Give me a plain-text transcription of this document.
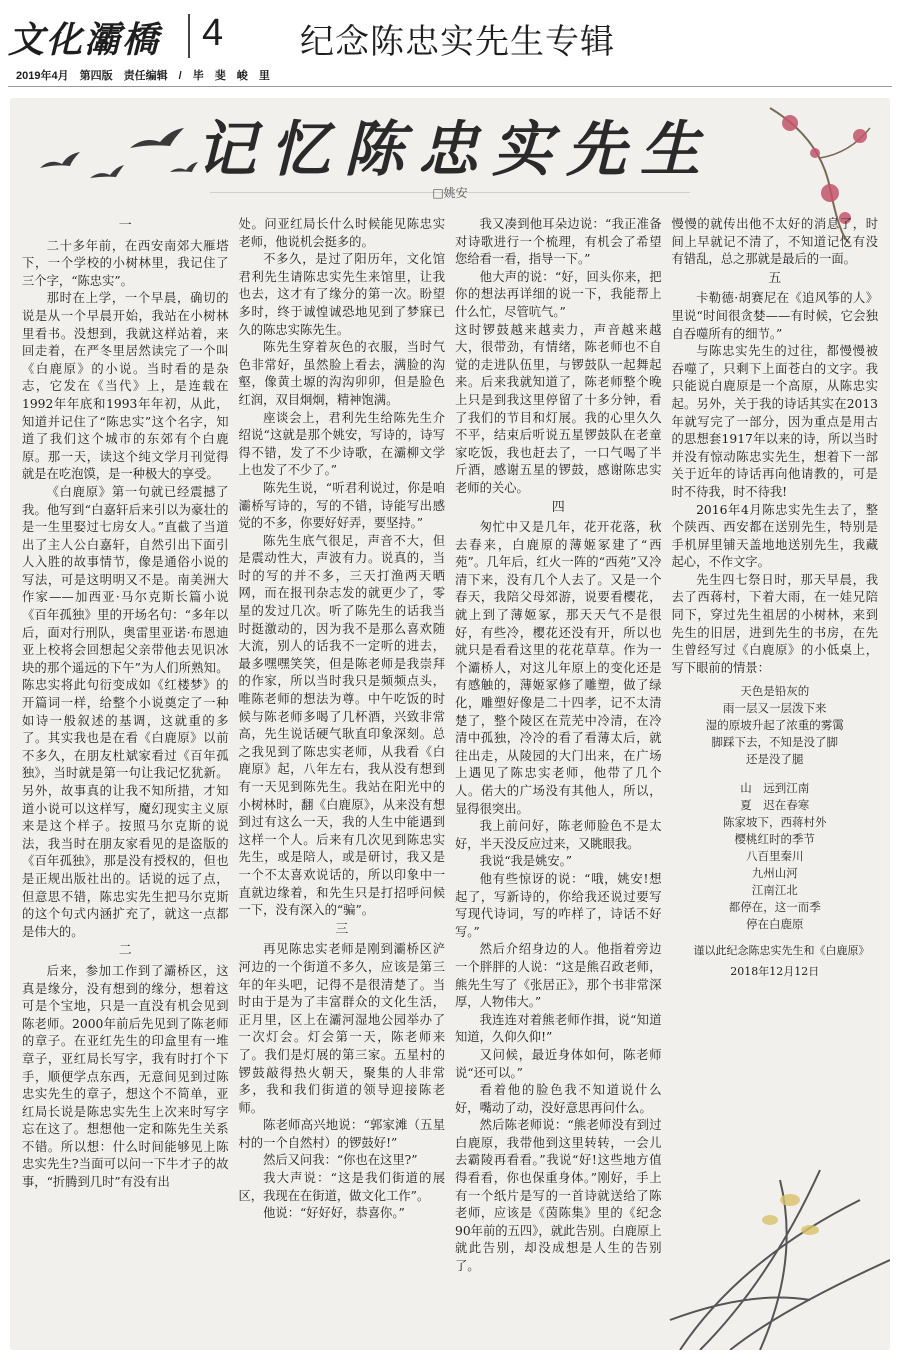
文化灞橋 4 纪念陈忠实先生专辑
2019年4月　第四版　责任编辑 / 毕 斐　峻 里
记忆陈忠实先生
□姚安
一

二十多年前，在西安南郊大雁塔下，一个学校的小树林里，我记住了三个字，“陈忠实”。

那时在上学，一个早晨，确切的说是从一个早晨开始，我站在小树林里看书。没想到，我就这样站着，来回走着，在严冬里居然读完了一个叫《白鹿原》的小说。当时看的是杂志，它发在《当代》上，是连载在1992年年底和1993年年初，从此，知道并记住了“陈忠实”这个名字，知道了我们这个城市的东郊有个白鹿原。那一天，读这个纯文学月刊觉得就是在吃泡馍，是一种极大的享受。

《白鹿原》第一句就已经震撼了我。他写到“白嘉轩后来引以为豪壮的是一生里娶过七房女人。”直截了当道出了主人公白嘉轩，自然引出下面引人入胜的故事情节，像是通俗小说的写法，可是这明明又不是。南美洲大作家——加西亚·马尔克斯长篇小说《百年孤独》里的开场名句：“多年以后，面对行刑队，奥雷里亚诺·布恩迪亚上校将会回想起父亲带他去见识冰块的那个遥远的下午”为人们所熟知。陈忠实将此句衍变成如《红楼梦》的开篇词一样，给整个小说奠定了一种如诗一般叙述的基调，这就重的多了。其实我也是在看《白鹿原》以前不多久，在朋友杜斌家看过《百年孤独》，当时就是第一句让我记忆犹新。另外，故事真的让我不知所措，才知道小说可以这样写，魔幻现实主义原来是这个样子。按照马尔克斯的说法，我当时在朋友家看见的是盗版的《百年孤独》，那是没有授权的，但也是正规出版社出的。话说的远了点，但意思不错，陈忠实先生把马尔克斯的这个句式内涵扩充了，就这一点都是伟大的。

二

后来，参加工作到了灞桥区，这真是缘分，没有想到的缘分，想着这可是个宝地，只是一直没有机会见到陈老师。2000年前后先见到了陈老师的章子。在亚红先生的印盒里有一堆章子，亚红局长写字，我有时打个下手，顺便学点东西，无意间见到过陈忠实先生的章子，想这个不简单，亚红局长说是陈忠实先生上次来时写字忘在这了。想想他一定和陈先生关系不错。所以想：什么时间能够见上陈忠实先生?当面可以问一下牛才子的故事，“折腾到几时”有没有出

处。问亚红局长什么时候能见陈忠实老师，他说机会挺多的。

不多久，是过了阳历年，文化馆君利先生请陈忠实先生来馆里，让我也去，这才有了缘分的第一次。盼望多时，终于诚惶诚恐地见到了梦寐已久的陈忠实陈先生。

陈先生穿着灰色的衣服，当时气色非常好，虽然脸上看去，满脸的沟壑，像黄土塬的沟沟卯卯，但是脸色红润，双目炯炯，精神饱满。

座谈会上，君利先生给陈先生介绍说“这就是那个姚安，写诗的，诗写得不错，发了不少诗歌，在灞柳文学上也发了不少了。”

陈先生说，“听君利说过，你是咱灞桥写诗的，写的不错，诗能写出感觉的不多，你要好好弄，要坚持。”

陈先生底气很足，声音不大，但是震动性大，声波有力。说真的，当时的写的并不多，三天打渔两天晒网，而在报刊杂志发的就更少了，零星的发过几次。听了陈先生的话我当时挺激动的，因为我不是那么喜欢随大流，别人的话我不一定听的进去，最多嘿嘿笑笑，但是陈老师是我崇拜的作家，所以当时我只是频频点头，唯陈老师的想法为尊。中午吃饭的时候与陈老师多喝了几杯酒，兴致非常高，先生说话硬气耿直印象深刻。总之我见到了陈忠实老师，从我看《白鹿原》起，八年左右，我从没有想到有一天见到陈先生。我站在阳光中的小树林时，翻《白鹿原》，从来没有想到过有这么一天，我的人生中能遇到这样一个人。后来有几次见到陈忠实先生，或是陪人，或是研讨，我又是一个不太喜欢说话的，所以印象中一直就边缘着，和先生只是打招呼问候一下，没有深入的“骗”。

三

再见陈忠实老师是刚到灞桥区浐河边的一个街道不多久，应该是第三年的年头吧，记得不是很清楚了。当时由于是为了丰富群众的文化生活，正月里，区上在灞河湿地公园举办了一次灯会。灯会第一天，陈老师来了。我们是灯展的第三家。五星村的锣鼓敲得热火朝天，聚集的人非常多，我和我们街道的领导迎接陈老师。

陈老师高兴地说：“郭家滩（五星村的一个自然村）的锣鼓好!”

然后又问我：“你也在这里?”

我大声说：“这是我们街道的展区，我现在在街道，做文化工作”。

他说：“好好好，恭喜你。”

我又凑到他耳朵边说：“我正准备对诗歌进行一个梳理，有机会了希望您给看一看，指导一下。”

他大声的说：“好，回头你来，把你的想法再详细的说一下，我能帮上什么忙，尽管吭气。”

这时锣鼓越来越卖力，声音越来越大，很带劲，有情绪，陈老师也不自觉的走进队伍里，与锣鼓队一起舞起来。后来我就知道了，陈老师整个晚上只是到我这里停留了十多分钟，看了我们的节目和灯展。我的心里久久不平，结束后听说五星锣鼓队在老童家吃饭，我也赶去了，一口气喝了半斤酒，感谢五星的锣鼓，感谢陈忠实老师的关心。

四

匆忙中又是几年，花开花落，秋去春来，白鹿原的薄姬冢建了“西苑”。几年后，红火一阵的“西苑”又冷清下来，没有几个人去了。又是一个春天，我陪父母郊游，说要看樱花，就上到了薄姬冢，那天天气不是很好，有些冷，樱花还没有开，所以也就只是看看这里的花花草草。作为一个灞桥人，对这儿年原上的变化还是有感触的，薄姬冢修了雕塑，做了绿化，雕塑好像是二十四孝，记不太清楚了，整个陵区在荒芜中冷清，在冷清中孤独，冷冷的看了看薄太后，就往出走，从陵园的大门出来，在广场上遇见了陈忠实老师，他带了几个人。偌大的广场没有其他人，所以，显得很突出。

我上前问好，陈老师脸色不是太好，半天没反应过来，又眺眼我。

我说“我是姚安。”

他有些惊讶的说：“哦，姚安!想起了，写新诗的，你给我还说过要写写现代诗词，写的咋样了，诗话不好写。”

然后介绍身边的人。他指着旁边一个胖胖的人说：“这是熊召政老师，熊先生写了《张居正》，那个书非常深厚，人物伟大。”

我连连对着熊老师作揖，说“知道知道，久仰久仰!”

又问候，最近身体如何，陈老师说“还可以。”

看着他的脸色我不知道说什么好，嘴动了动，没好意思再问什么。

然后陈老师说：“熊老师没有到过白鹿原，我带他到这里转转，一会儿去霸陵再看看。”我说“好!这些地方值得看看，你也保重身体。”刚好，手上有一个纸片是写的一首诗就送给了陈老师，应该是《茵陈集》里的《纪念90年前的五四》，就此告别。白鹿原上就此告别，却没成想是人生的告别了。

慢慢的就传出他不太好的消息了，时间上早就记不清了，不知道记忆有没有错乱，总之那就是最后的一面。

五

卡勒德·胡赛尼在《追风筝的人》里说“时间很贪婪——有时候，它会独自吞噬所有的细节。”

与陈忠实先生的过往，都慢慢被吞噬了，只剩下上面苍白的文字。我只能说白鹿原是一个高原，从陈忠实起。另外，关于我的诗话其实在2013年就写完了一部分，因为重点是用古的思想套1917年以来的诗，所以当时并没有惊动陈忠实先生，想着下一部关于近年的诗话再向他请教的，可是时不待我，时不待我!

2016年4月陈忠实先生去了，整个陕西、西安都在送别先生，特别是手机屏里铺天盖地地送别先生，我藏起心，不作文字。

先生四七祭日时，那天早晨，我去了西蒋村，下着大雨，在一娃兄陪同下，穿过先生祖居的小树林，来到先生的旧居，进到先生的书房，在先生曾经写过《白鹿原》的小低桌上，写下眼前的情景：

天色是铅灰的
雨一层又一层泼下来
湿的原坡升起了浓重的雾霭
脚踩下去，不知是没了脚
还是没了腿
山　远到江南
夏　迟在春寒
陈家坡下，西蒋村外
樱桃红时的季节
八百里秦川
九州山河
江南江北
都停在，这一而季
停在白鹿原
谨以此纪念陈忠实先生和《白鹿原》
2018年12月12日
